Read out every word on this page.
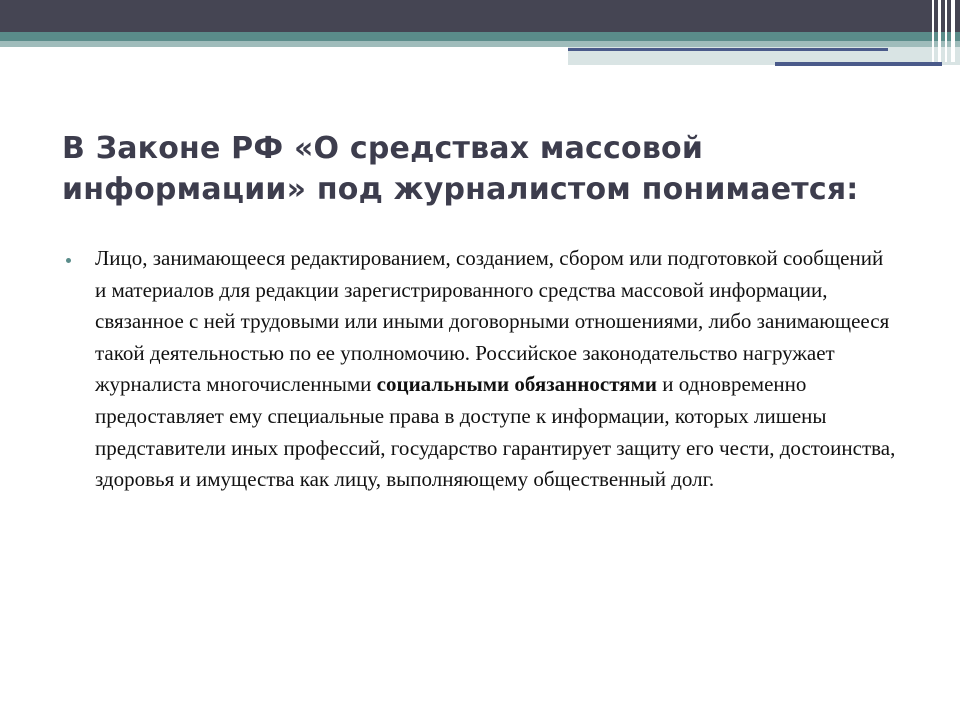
В Законе РФ «О средствах массовой
информации» под журналистом понимается:

Лицо, занимающееся редактированием, созданием, сбором или подготовкой сообщений и материалов для редакции зарегистрированного средства массовой информации, связанное с ней трудовыми или иными договорными отношениями, либо занимающееся такой деятельностью по ее уполномочию. Российское законодательство нагружает журналиста многочисленными социальными обязанностями и одновременно предоставляет ему специальные права в доступе к информации, которых лишены представители иных профессий, государство гарантирует защиту его чести, достоинства, здоровья и имущества как лицу, выполняющему общественный долг.
